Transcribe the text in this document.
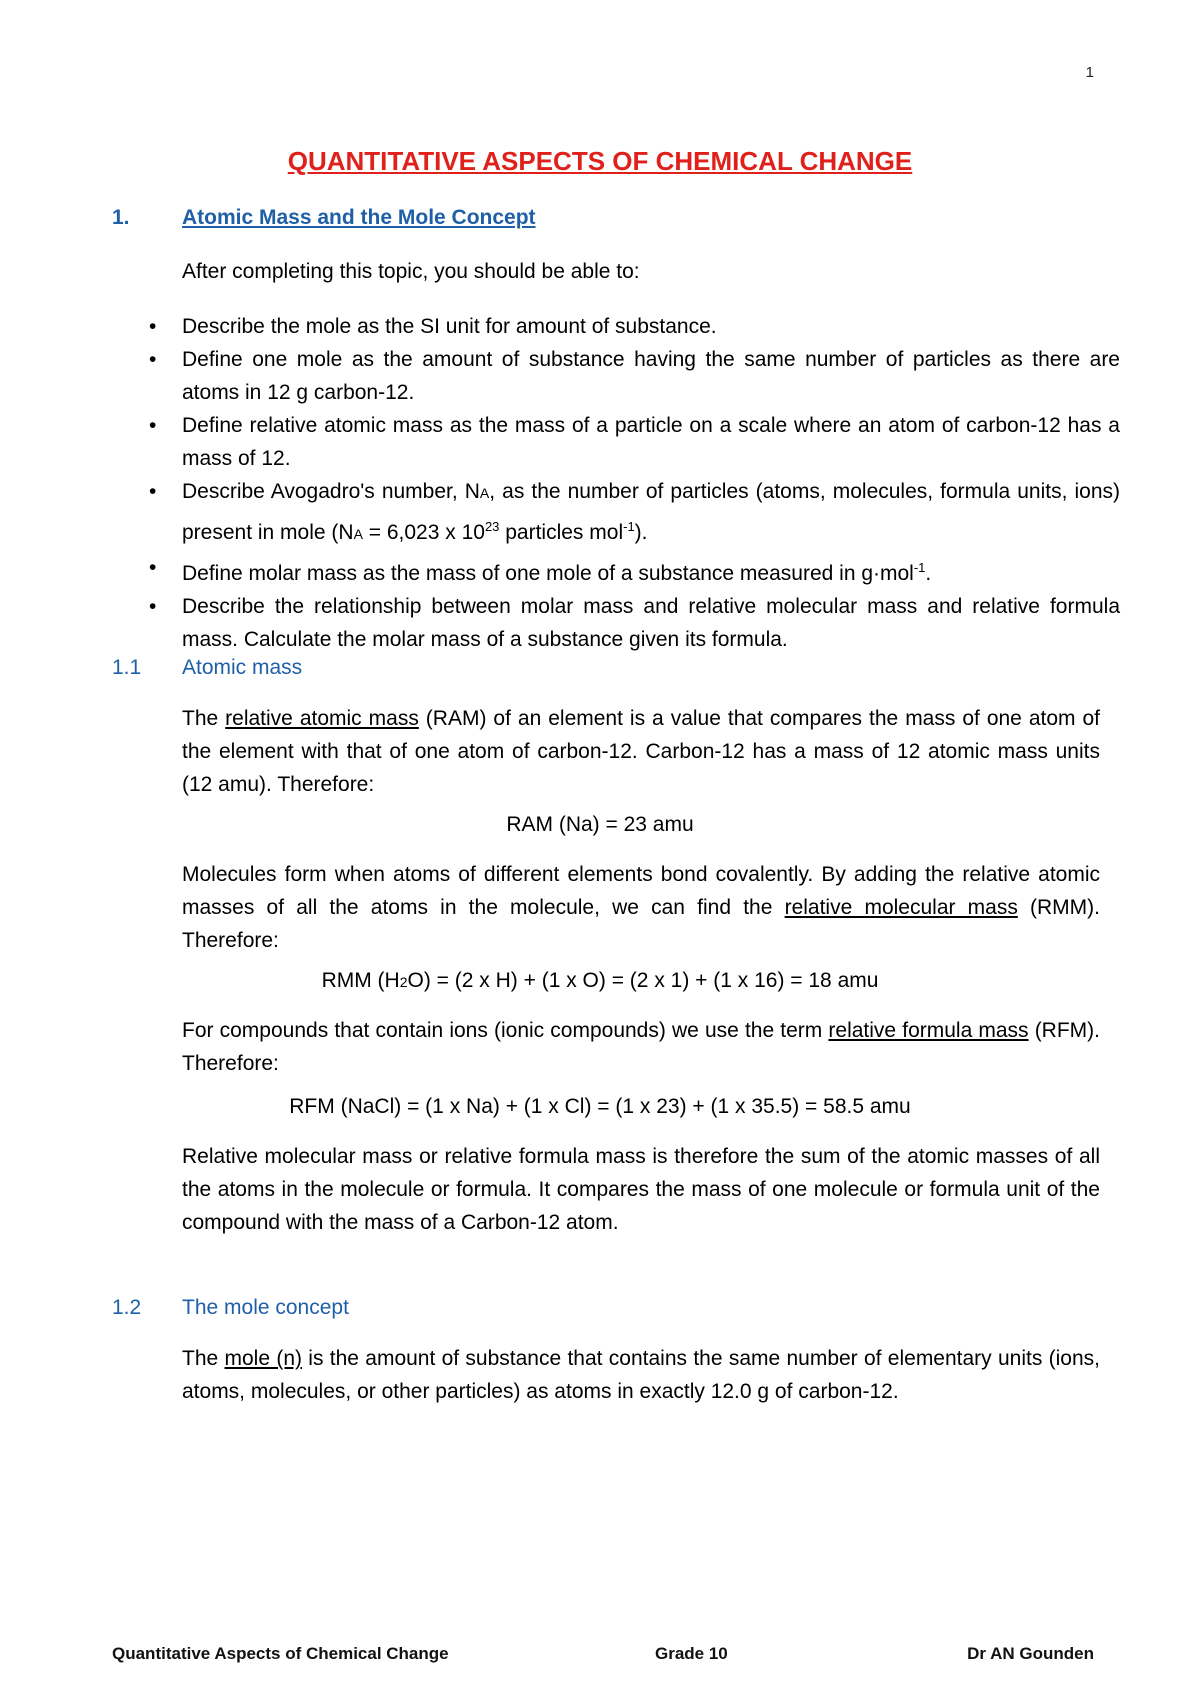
1
QUANTITATIVE ASPECTS OF CHEMICAL CHANGE
1. Atomic Mass and the Mole Concept
After completing this topic, you should be able to:
• Describe the mole as the SI unit for amount of substance.
• Define one mole as the amount of substance having the same number of particles as there are atoms in 12 g carbon-12.
• Define relative atomic mass as the mass of a particle on a scale where an atom of carbon-12 has a mass of 12.
• Describe Avogadro's number, NA, as the number of particles (atoms, molecules, formula units, ions) present in mole (NA = 6,023 x $10^{23}$ particles mol$^{-1}$).
• Define molar mass as the mass of one mole of a substance measured in g·mol$^{-1}$.
• Describe the relationship between molar mass and relative molecular mass and relative formula mass. Calculate the molar mass of a substance given its formula.
1.1 Atomic mass
The relative atomic mass (RAM) of an element is a value that compares the mass of one atom of the element with that of one atom of carbon-12. Carbon-12 has a mass of 12 atomic mass units (12 amu). Therefore:
RAM (Na) = 23 amu
Molecules form when atoms of different elements bond covalently. By adding the relative atomic masses of all the atoms in the molecule, we can find the relative molecular mass (RMM). Therefore:
RMM (H2O) = (2 x H) + (1 x O) = (2 x 1) + (1 x 16) = 18 amu
For compounds that contain ions (ionic compounds) we use the term relative formula mass (RFM). Therefore:
RFM (NaCl) = (1 x Na) + (1 x Cl) = (1 x 23) + (1 x 35.5) = 58.5 amu
Relative molecular mass or relative formula mass is therefore the sum of the atomic masses of all the atoms in the molecule or formula. It compares the mass of one molecule or formula unit of the compound with the mass of a Carbon-12 atom.
1.2 The mole concept
The mole (n) is the amount of substance that contains the same number of elementary units (ions, atoms, molecules, or other particles) as atoms in exactly 12.0 g of carbon-12.
Quantitative Aspects of Chemical Change	Grade 10	Dr AN Gounden
